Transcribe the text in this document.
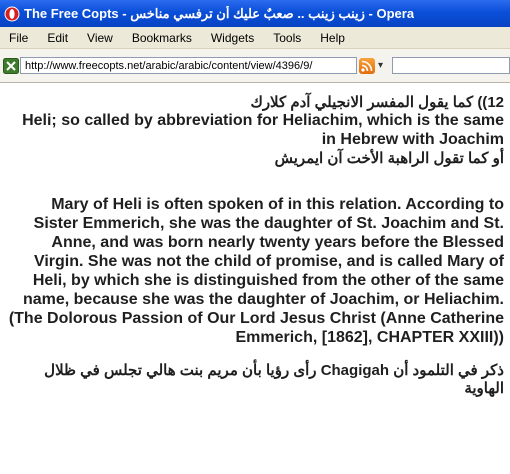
The Free Copts - زينب زينب .. صعبٌ عليك أن ترفسي مناخس - Opera
File	Edit	View	Bookmarks	Widgets	Tools	Help
http://www.freecopts.net/arabic/arabic/content/view/4396/9/	▾

12)) كما يقول المفسر الانجيلي آدم كلارك

Heli; so called by abbreviation for Heliachim, which is the same in Hebrew with Joachim

أو كما تقول الراهبة الأخت آن ايمريش

Mary of Heli is often spoken of in this relation. According to Sister Emmerich, she was the daughter of St. Joachim and St. Anne, and was born nearly twenty years before the Blessed Virgin. She was not the child of promise, and is called Mary of Heli, by which she is distinguished from the other of the same name, because she was the daughter of Joachim, or Heliachim. (The Dolorous Passion of Our Lord Jesus Christ (Anne Catherine Emmerich, [1862], CHAPTER XXIII))

ذكر في التلمود أن Chagigah رأى رؤيا بأن مريم بنت هالي تجلس في ظلال الهاوية
